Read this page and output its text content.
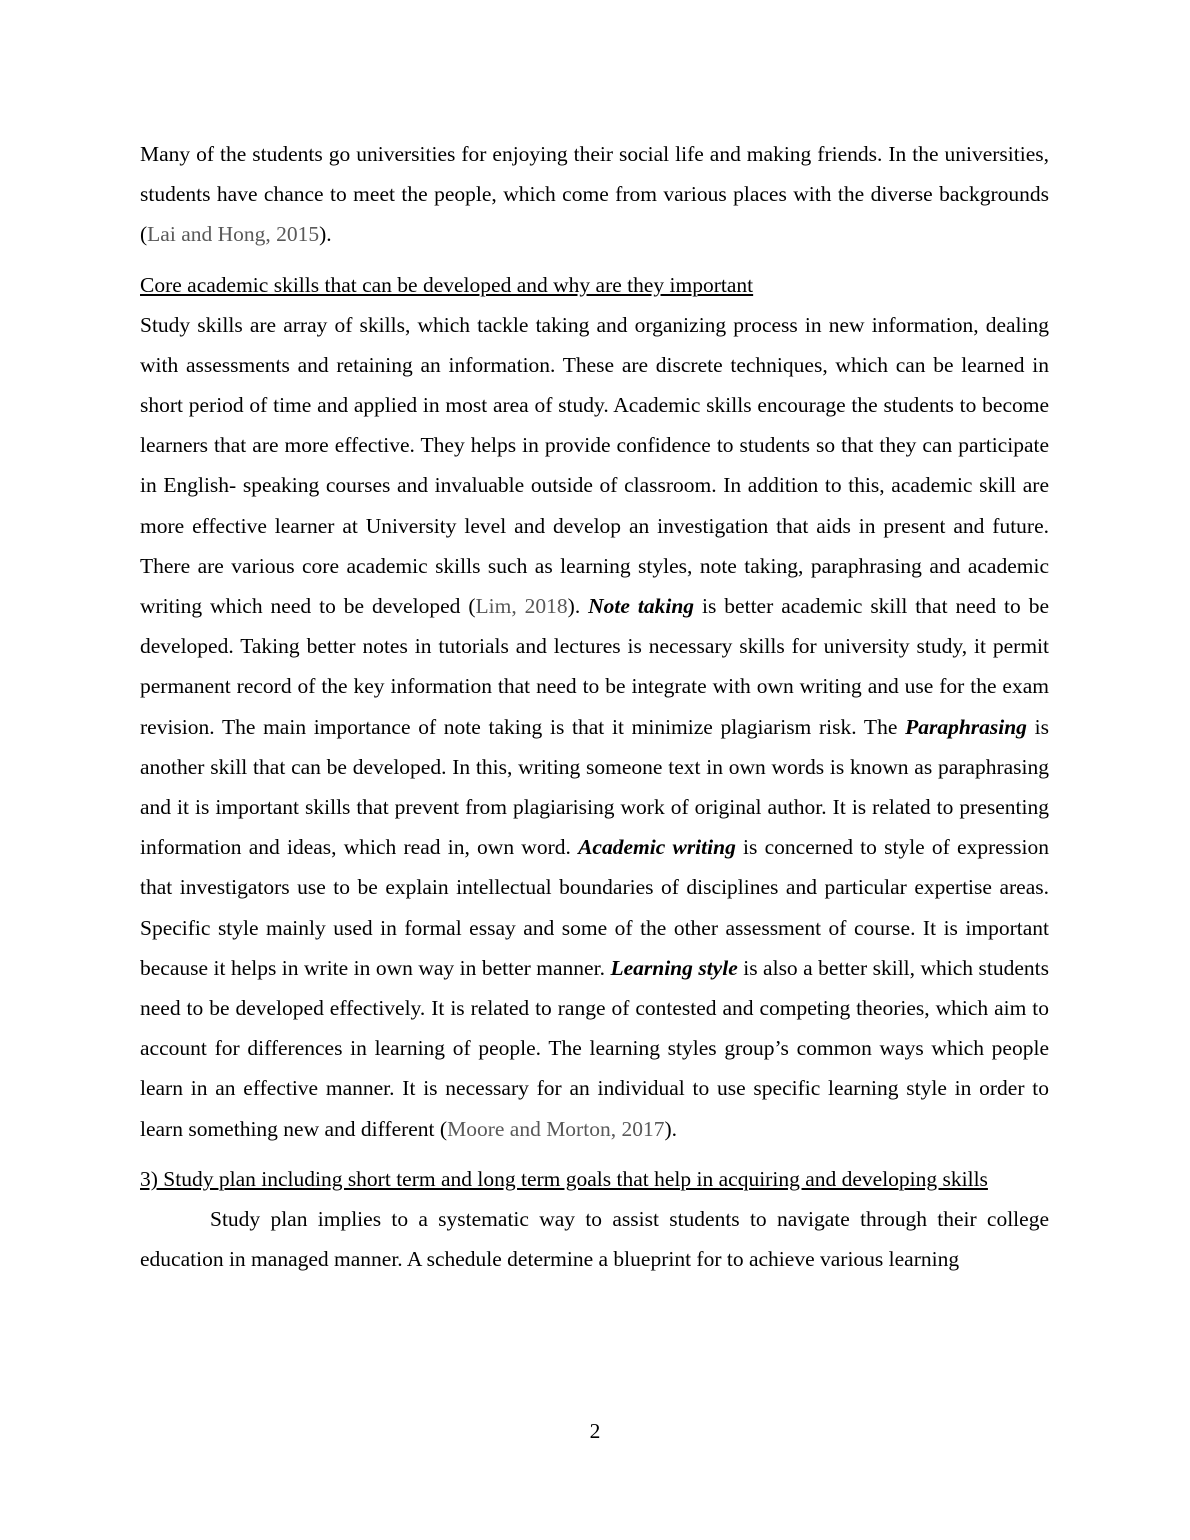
Many of the students go universities for enjoying their social life and making friends. In the universities, students have chance to meet the people, which come from various places with the diverse backgrounds (Lai and Hong, 2015).

Core academic skills that can be developed and why are they important

Study skills are array of skills, which tackle taking and organizing process in new information, dealing with assessments and retaining an information. These are discrete techniques, which can be learned in short period of time and applied in most area of study. Academic skills encourage the students to become learners that are more effective. They helps in provide confidence to students so that they can participate in English- speaking courses and invaluable outside of classroom. In addition to this, academic skill are more effective learner at University level and develop an investigation that aids in present and future. There are various core academic skills such as learning styles, note taking, paraphrasing and academic writing which need to be developed (Lim, 2018). Note taking is better academic skill that need to be developed. Taking better notes in tutorials and lectures is necessary skills for university study, it permit permanent record of the key information that need to be integrate with own writing and use for the exam revision. The main importance of note taking is that it minimize plagiarism risk. The Paraphrasing is another skill that can be developed. In this, writing someone text in own words is known as paraphrasing and it is important skills that prevent from plagiarising work of original author. It is related to presenting information and ideas, which read in, own word. Academic writing is concerned to style of expression that investigators use to be explain intellectual boundaries of disciplines and particular expertise areas. Specific style mainly used in formal essay and some of the other assessment of course. It is important because it helps in write in own way in better manner. Learning style is also a better skill, which students need to be developed effectively. It is related to range of contested and competing theories, which aim to account for differences in learning of people. The learning styles group’s common ways which people learn in an effective manner. It is necessary for an individual to use specific learning style in order to learn something new and different (Moore and Morton, 2017).

3) Study plan including short term and long term goals that help in acquiring and developing skills

Study plan implies to a systematic way to assist students to navigate through their college education in managed manner. A schedule determine a blueprint for to achieve various learning

2
